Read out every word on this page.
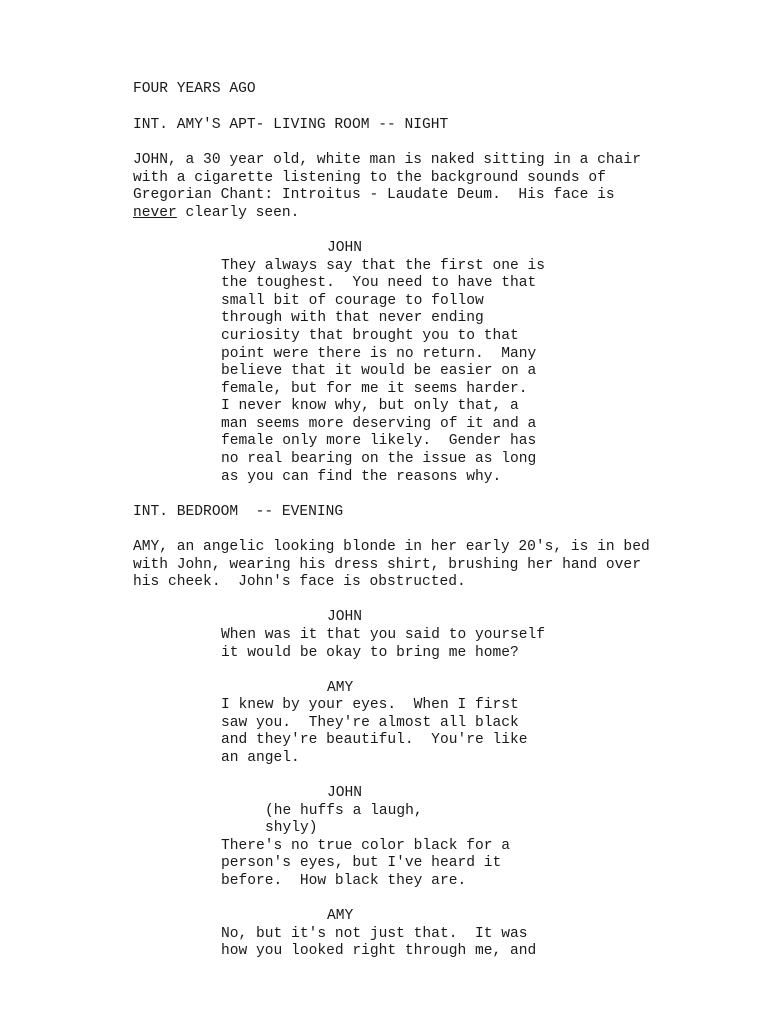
FOUR YEARS AGO

INT. AMY'S APT- LIVING ROOM -- NIGHT

JOHN, a 30 year old, white man is naked sitting in a chair

with a cigarette listening to the background sounds of

Gregorian Chant: Introitus - Laudate Deum.  His face is

never clearly seen.

JOHN

They always say that the first one is

the toughest.  You need to have that

small bit of courage to follow

through with that never ending

curiosity that brought you to that

point were there is no return.  Many

believe that it would be easier on a

female, but for me it seems harder.

I never know why, but only that, a

man seems more deserving of it and a

female only more likely.  Gender has

no real bearing on the issue as long

as you can find the reasons why.

INT. BEDROOM  -- EVENING

AMY, an angelic looking blonde in her early 20's, is in bed

with John, wearing his dress shirt, brushing her hand over

his cheek.  John's face is obstructed.

JOHN

When was it that you said to yourself

it would be okay to bring me home?

AMY

I knew by your eyes.  When I first

saw you.  They're almost all black

and they're beautiful.  You're like

an angel.

JOHN

(he huffs a laugh,

shyly)

There's no true color black for a

person's eyes, but I've heard it

before.  How black they are.

AMY

No, but it's not just that.  It was

how you looked right through me, and
